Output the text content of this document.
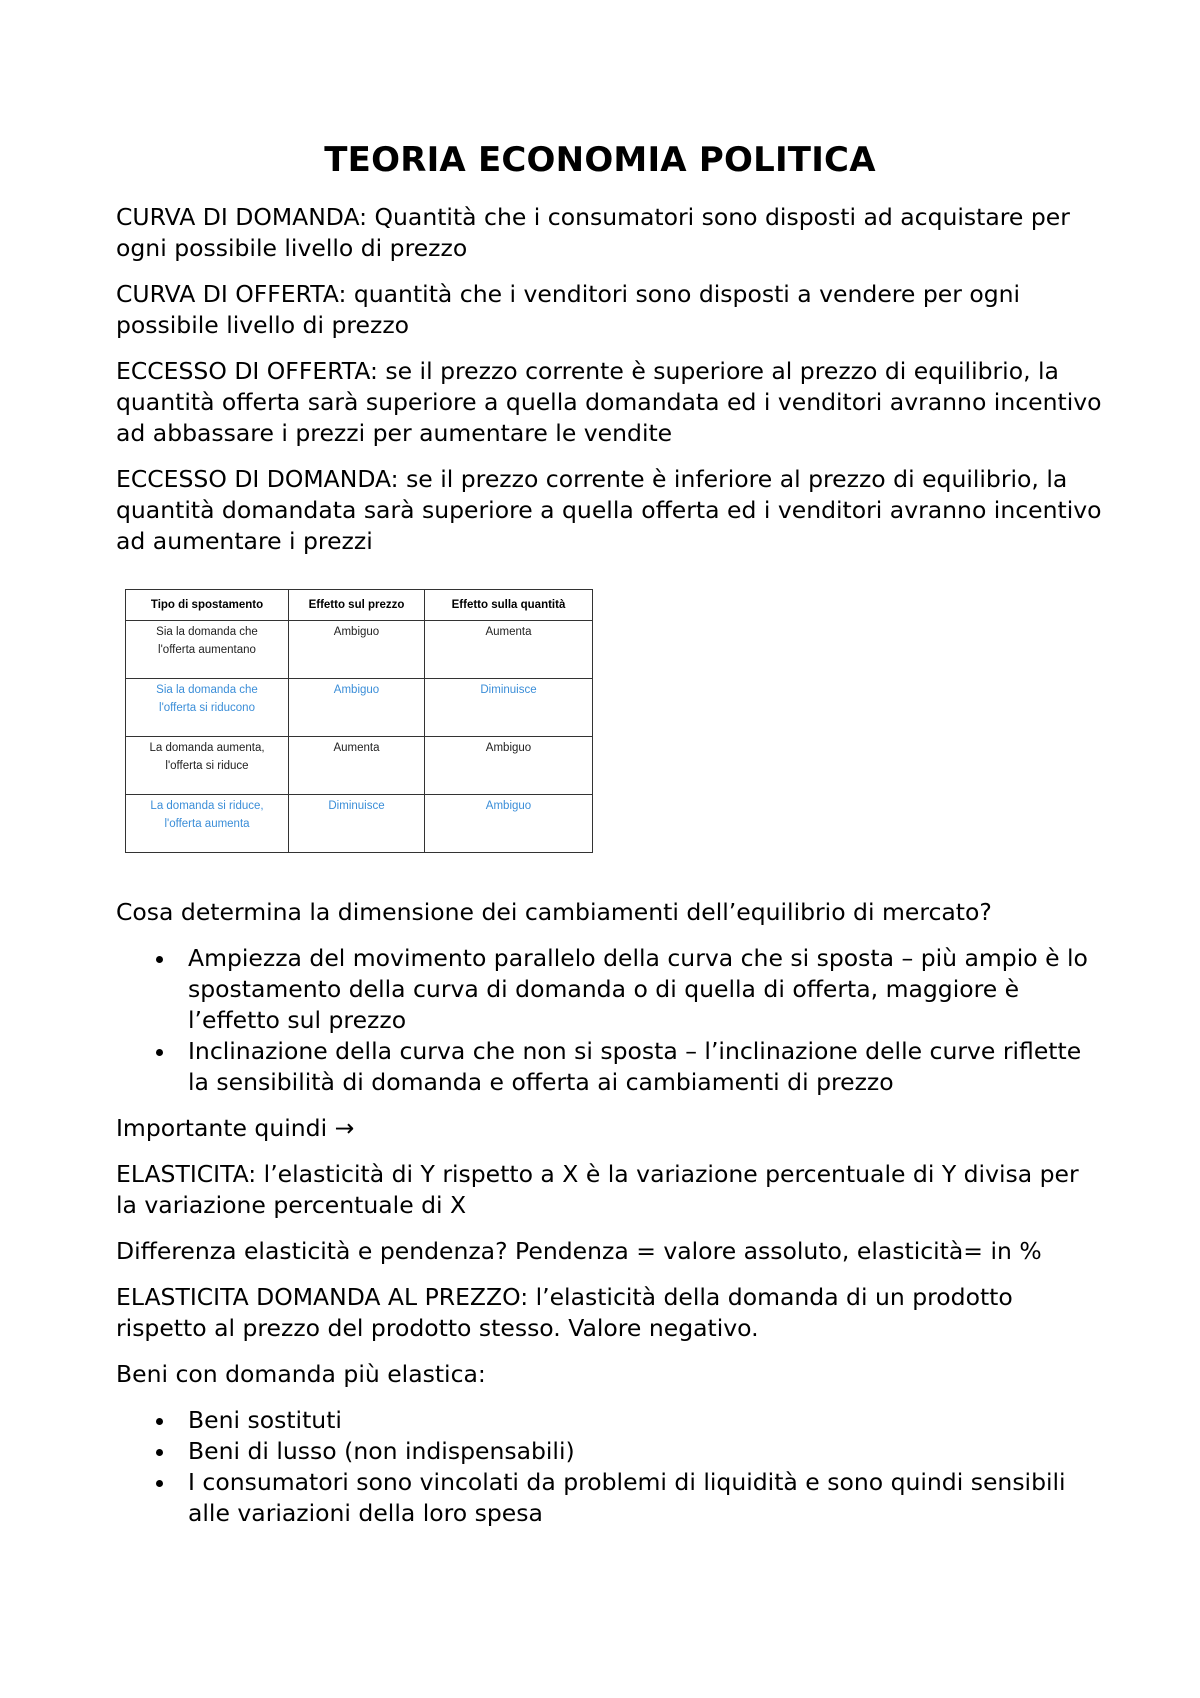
TEORIA ECONOMIA POLITICA

CURVA DI DOMANDA: Quantità che i consumatori sono disposti ad acquistare per ogni possibile livello di prezzo

CURVA DI OFFERTA: quantità che i venditori sono disposti a vendere per ogni possibile livello di prezzo

ECCESSO DI OFFERTA: se il prezzo corrente è superiore al prezzo di equilibrio, la quantità offerta sarà superiore a quella domandata ed i venditori avranno incentivo ad abbassare i prezzi per aumentare le vendite

ECCESSO DI DOMANDA: se il prezzo corrente è inferiore al prezzo di equilibrio, la quantità domandata sarà superiore a quella offerta ed i venditori avranno incentivo ad aumentare i prezzi

Tipo di spostamento	Effetto sul prezzo	Effetto sulla quantità
Sia la domanda che
l'offerta aumentano	Ambiguo	Aumenta
Sia la domanda che
l'offerta si riducono	Ambiguo	Diminuisce
La domanda aumenta,
l'offerta si riduce	Aumenta	Ambiguo
La domanda si riduce,
l'offerta aumenta	Diminuisce	Ambiguo

Cosa determina la dimensione dei cambiamenti dell’equilibrio di mercato?

Ampiezza del movimento parallelo della curva che si sposta – più ampio è lo spostamento della curva di domanda o di quella di offerta, maggiore è l’effetto sul prezzo
Inclinazione della curva che non si sposta – l’inclinazione delle curve riflette la sensibilità di domanda e offerta ai cambiamenti di prezzo

Importante quindi →

ELASTICITA: l’elasticità di Y rispetto a X è la variazione percentuale di Y divisa per la variazione percentuale di X

Differenza elasticità e pendenza? Pendenza = valore assoluto, elasticità= in %

ELASTICITA DOMANDA AL PREZZO: l’elasticità della domanda di un prodotto rispetto al prezzo del prodotto stesso. Valore negativo.

Beni con domanda più elastica:

Beni sostituti
Beni di lusso (non indispensabili)
I consumatori sono vincolati da problemi di liquidità e sono quindi sensibili alle variazioni della loro spesa
